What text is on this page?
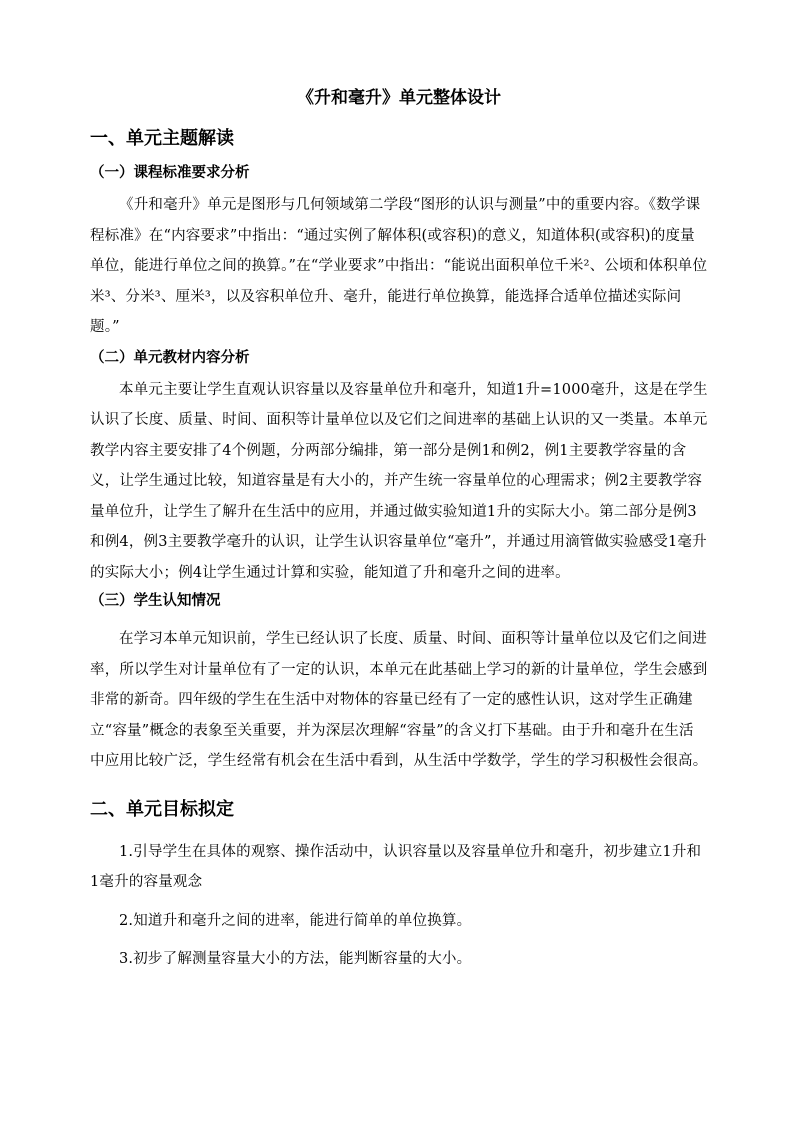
《升和毫升》单元整体设计
一、单元主题解读
（一）课程标准要求分析

《升和毫升》单元是图形与几何领域第二学段“图形的认识与测量”中的重要内容。《数学课程标准》在“内容要求”中指出：“通过实例了解体积(或容积)的意义，知道体积(或容积)的度量单位，能进行单位之间的换算。”在“学业要求”中指出：“能说出面积单位千米²、公顷和体积单位米³、分米³、厘米³，以及容积单位升、毫升，能进行单位换算，能选择合适单位描述实际问题。”

（二）单元教材内容分析

本单元主要让学生直观认识容量以及容量单位升和毫升，知道1升=1000毫升，这是在学生认识了长度、质量、时间、面积等计量单位以及它们之间进率的基础上认识的又一类量。本单元教学内容主要安排了4个例题，分两部分编排，第一部分是例1和例2，例1主要教学容量的含义，让学生通过比较，知道容量是有大小的，并产生统一容量单位的心理需求；例2主要教学容量单位升，让学生了解升在生活中的应用，并通过做实验知道1升的实际大小。第二部分是例3和例4，例3主要教学毫升的认识，让学生认识容量单位“毫升”，并通过用滴管做实验感受1毫升的实际大小；例4让学生通过计算和实验，能知道了升和毫升之间的进率。

（三）学生认知情况

在学习本单元知识前，学生已经认识了长度、质量、时间、面积等计量单位以及它们之间进率，所以学生对计量单位有了一定的认识，本单元在此基础上学习的新的计量单位，学生会感到非常的新奇。四年级的学生在生活中对物体的容量已经有了一定的感性认识，这对学生正确建立“容量”概念的表象至关重要，并为深层次理解“容量”的含义打下基础。由于升和毫升在生活中应用比较广泛，学生经常有机会在生活中看到，从生活中学数学，学生的学习积极性会很高。

二、单元目标拟定

1.引导学生在具体的观察、操作活动中，认识容量以及容量单位升和毫升，初步建立1升和1毫升的容量观念

2.知道升和毫升之间的进率，能进行简单的单位换算。

3.初步了解测量容量大小的方法，能判断容量的大小。
